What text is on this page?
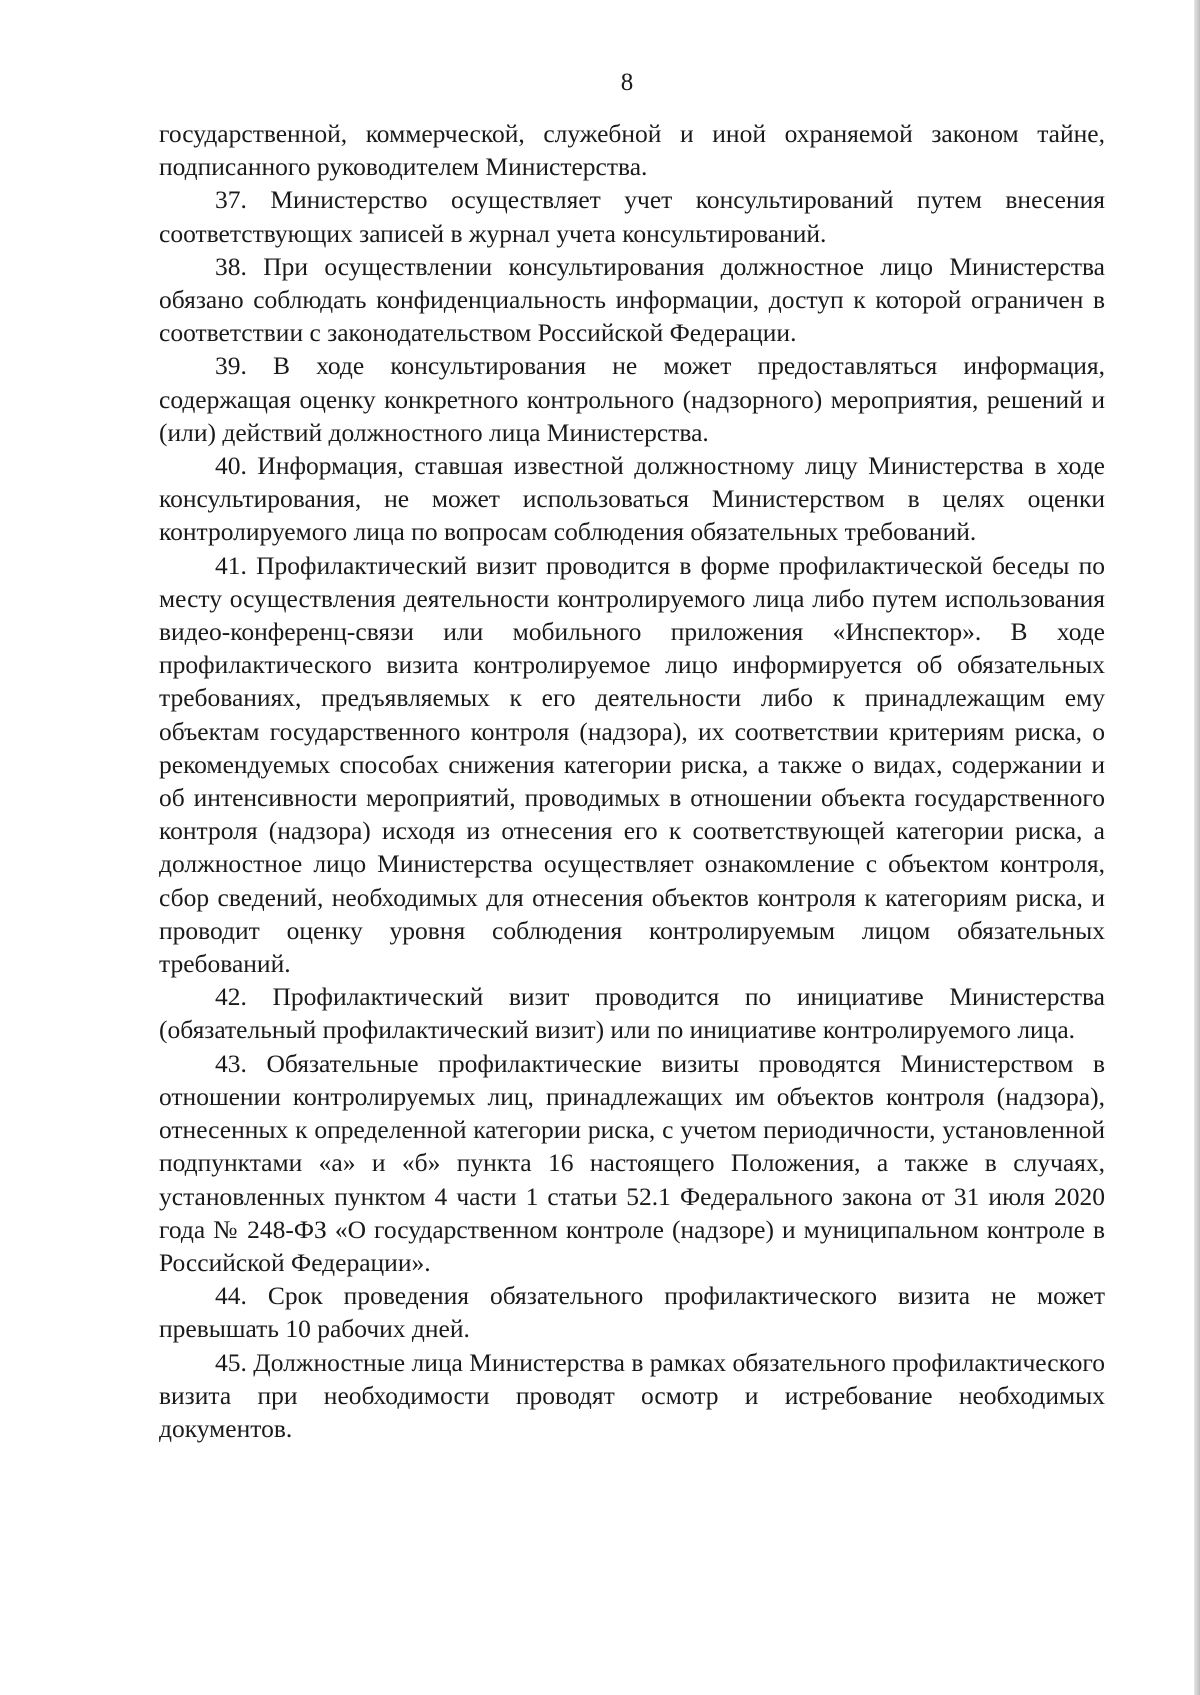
8

государственной, коммерческой, служебной и иной охраняемой законом тайне, подписанного руководителем Министерства.

37. Министерство осуществляет учет консультирований путем внесения соответствующих записей в журнал учета консультирований.

38. При осуществлении консультирования должностное лицо Министерства обязано соблюдать конфиденциальность информации, доступ к которой ограничен в соответствии с законодательством Российской Федерации.

39. В ходе консультирования не может предоставляться информация, содержащая оценку конкретного контрольного (надзорного) мероприятия, решений и (или) действий должностного лица Министерства.

40. Информация, ставшая известной должностному лицу Министерства в ходе консультирования, не может использоваться Министерством в целях оценки контролируемого лица по вопросам соблюдения обязательных требований.

41. Профилактический визит проводится в форме профилактической беседы по месту осуществления деятельности контролируемого лица либо путем использования видео-конференц-связи или мобильного приложения «Инспектор». В ходе профилактического визита контролируемое лицо информируется об обязательных требованиях, предъявляемых к его деятельности либо к принадлежащим ему объектам государственного контроля (надзора), их соответствии критериям риска, о рекомендуемых способах снижения категории риска, а также о видах, содержании и об интенсивности мероприятий, проводимых в отношении объекта государственного контроля (надзора) исходя из отнесения его к соответствующей категории риска, а должностное лицо Министерства осуществляет ознакомление с объектом контроля, сбор сведений, необходимых для отнесения объектов контроля к категориям риска, и проводит оценку уровня соблюдения контролируемым лицом обязательных требований.

42. Профилактический визит проводится по инициативе Министерства (обязательный профилактический визит) или по инициативе контролируемого лица.

43. Обязательные профилактические визиты проводятся Министерством в отношении контролируемых лиц, принадлежащих им объектов контроля (надзора), отнесенных к определенной категории риска, с учетом периодичности, установленной подпунктами «а» и «б» пункта 16 настоящего Положения, а также в случаях, установленных пунктом 4 части 1 статьи 52.1 Федерального закона от 31 июля 2020 года № 248-ФЗ «О государственном контроле (надзоре) и муниципальном контроле в Российской Федерации».

44. Срок проведения обязательного профилактического визита не может превышать 10 рабочих дней.

45. Должностные лица Министерства в рамках обязательного профилактического визита при необходимости проводят осмотр и истребование необходимых документов.
